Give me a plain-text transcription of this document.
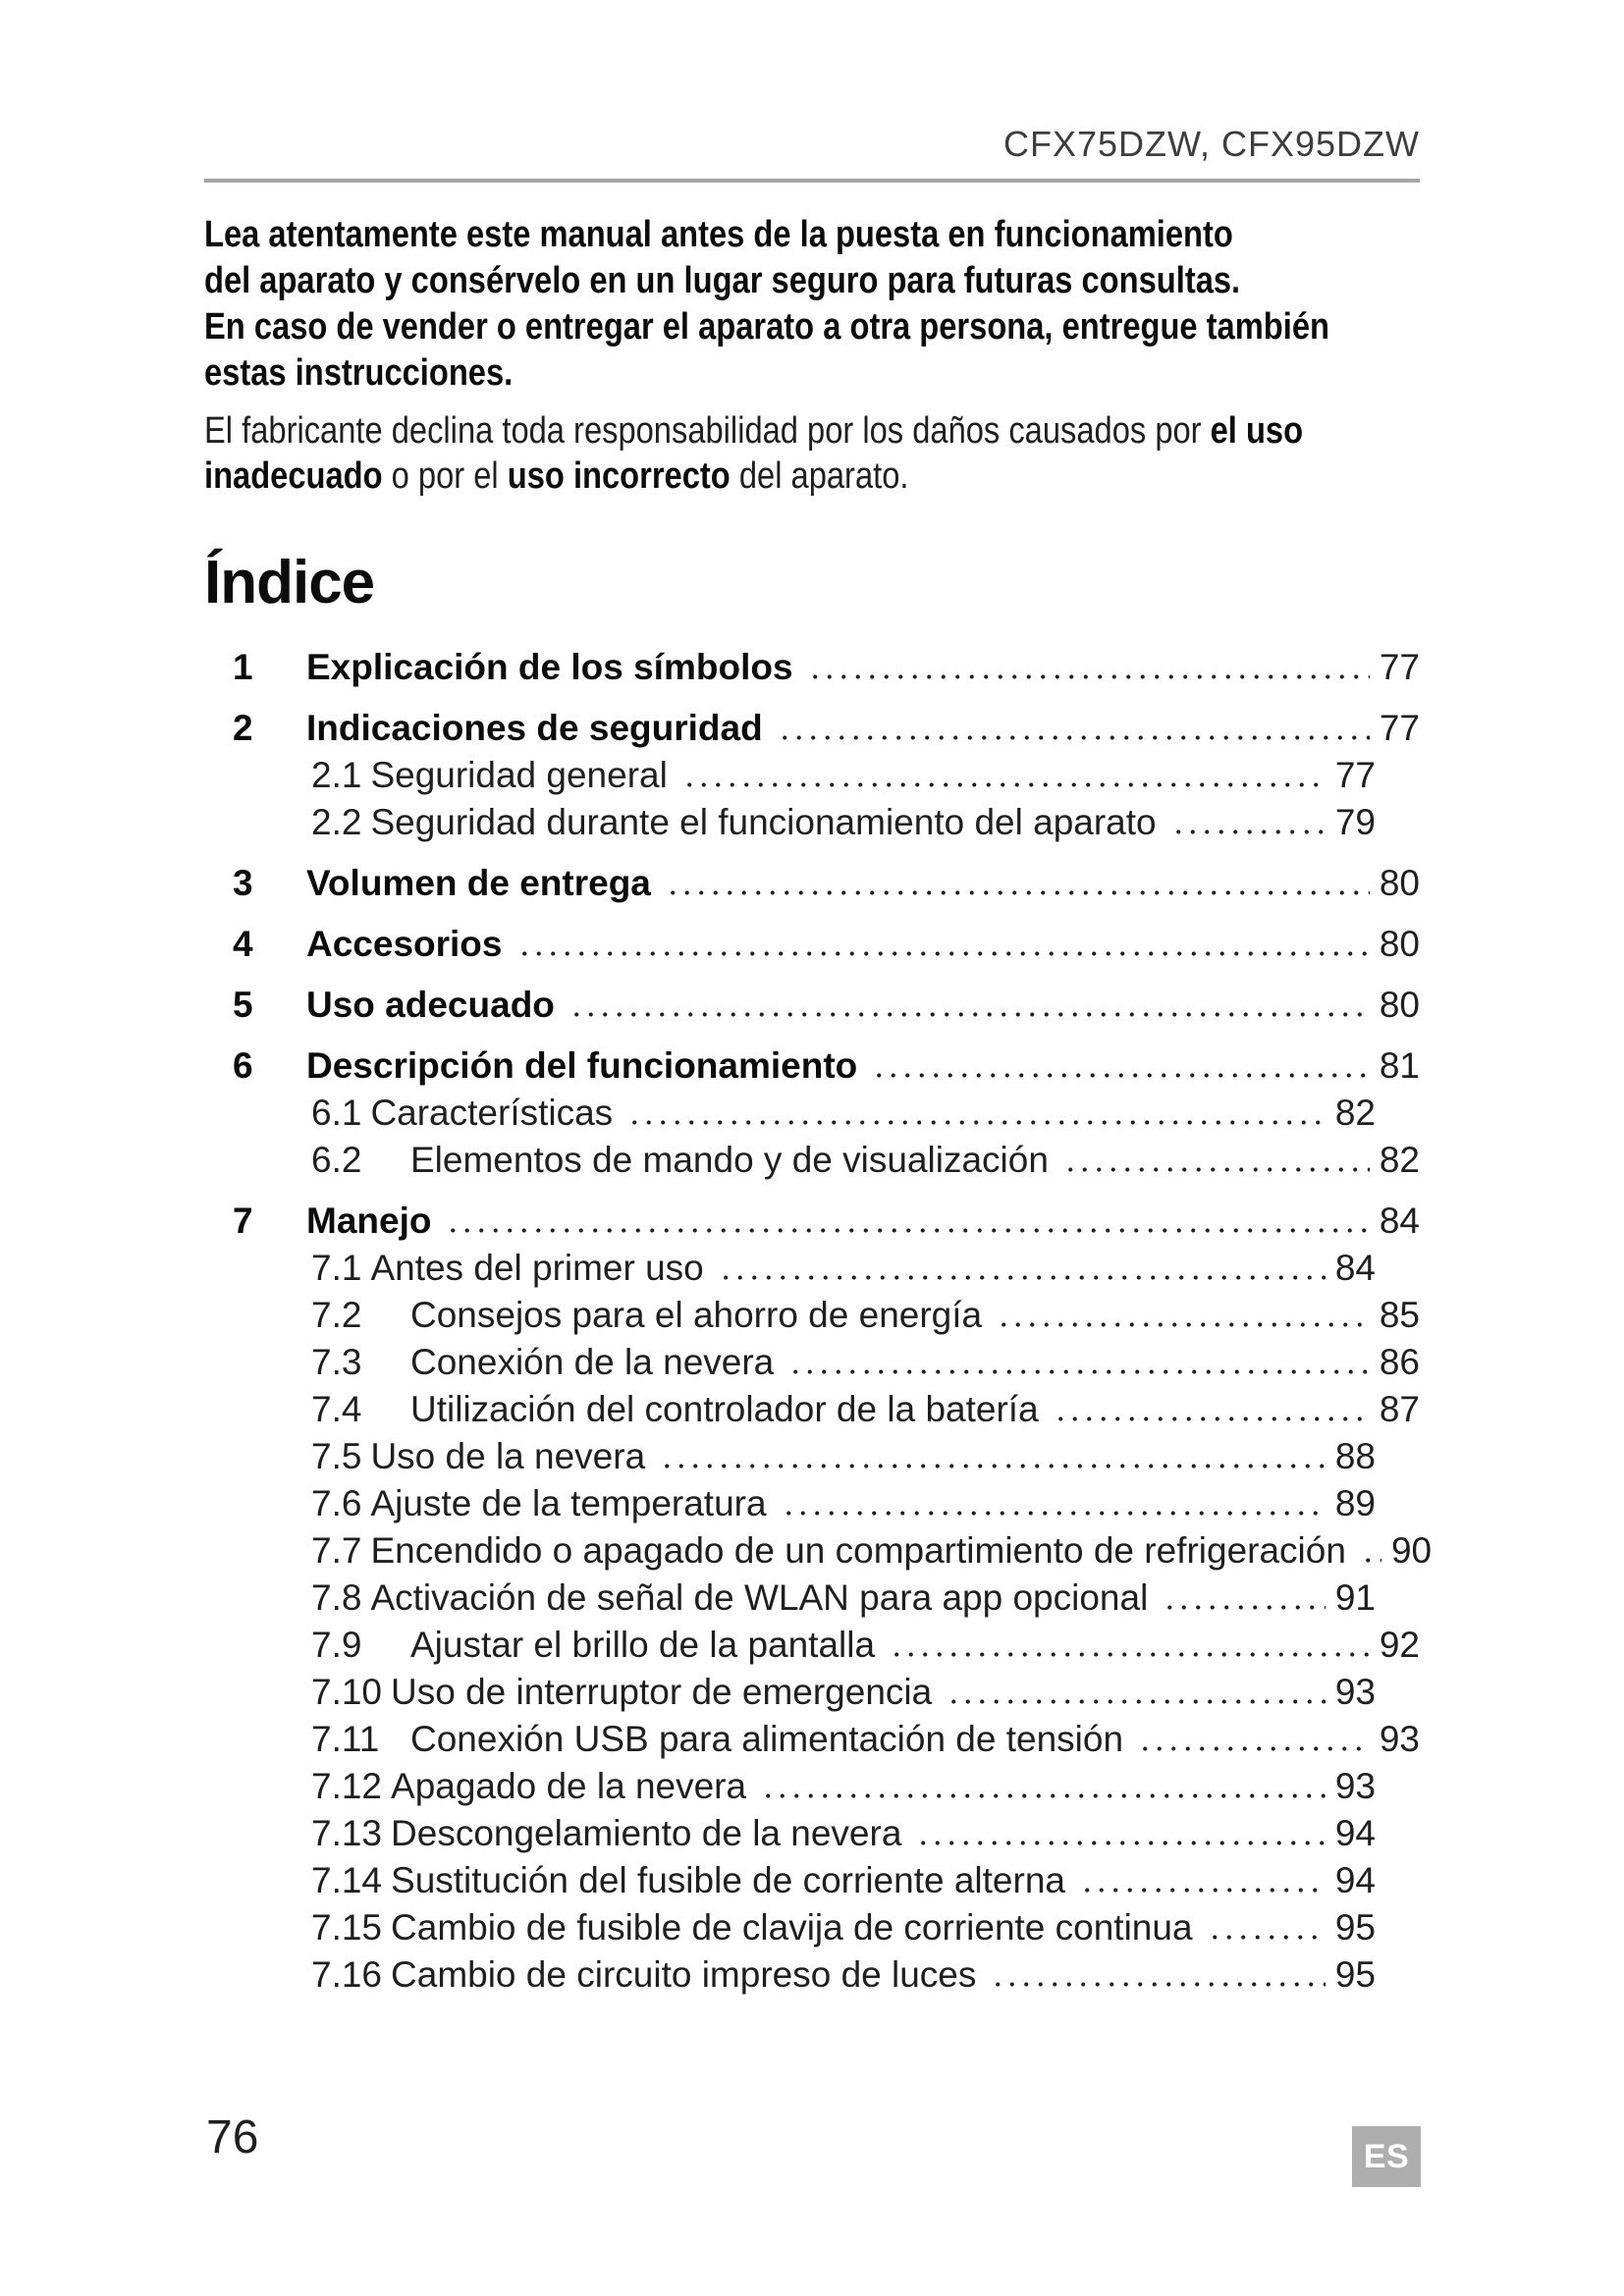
CFX75DZW, CFX95DZW
Lea atentamente este manual antes de la puesta en funcionamiento
del aparato y consérvelo en un lugar seguro para futuras consultas.
En caso de vender o entregar el aparato a otra persona, entregue también
estas instrucciones.
El fabricante declina toda responsabilidad por los daños causados por el uso
inadecuado o por el uso incorrecto del aparato.
Índice
1	Explicación de los símbolos	77
2	Indicaciones de seguridad	77
2.1 Seguridad general	77
2.2 Seguridad durante el funcionamiento del aparato	79
3	Volumen de entrega	80
4	Accesorios	80
5	Uso adecuado	80
6	Descripción del funcionamiento	81
6.1 Características	82
6.2	Elementos de mando y de visualización	82
7	Manejo	84
7.1 Antes del primer uso	84
7.2	Consejos para el ahorro de energía	85
7.3	Conexión de la nevera	86
7.4	Utilización del controlador de la batería	87
7.5 Uso de la nevera	88
7.6 Ajuste de la temperatura	89
7.7 Encendido o apagado de un compartimiento de refrigeración 90
7.8 Activación de señal de WLAN para app opcional	91
7.9	Ajustar el brillo de la pantalla	92
7.10 Uso de interruptor de emergencia	93
7.11 Conexión USB para alimentación de tensión	93
7.12 Apagado de la nevera	93
7.13 Descongelamiento de la nevera	94
7.14 Sustitución del fusible de corriente alterna	94
7.15 Cambio de fusible de clavija de corriente continua	95
7.16 Cambio de circuito impreso de luces	95
76	ES
